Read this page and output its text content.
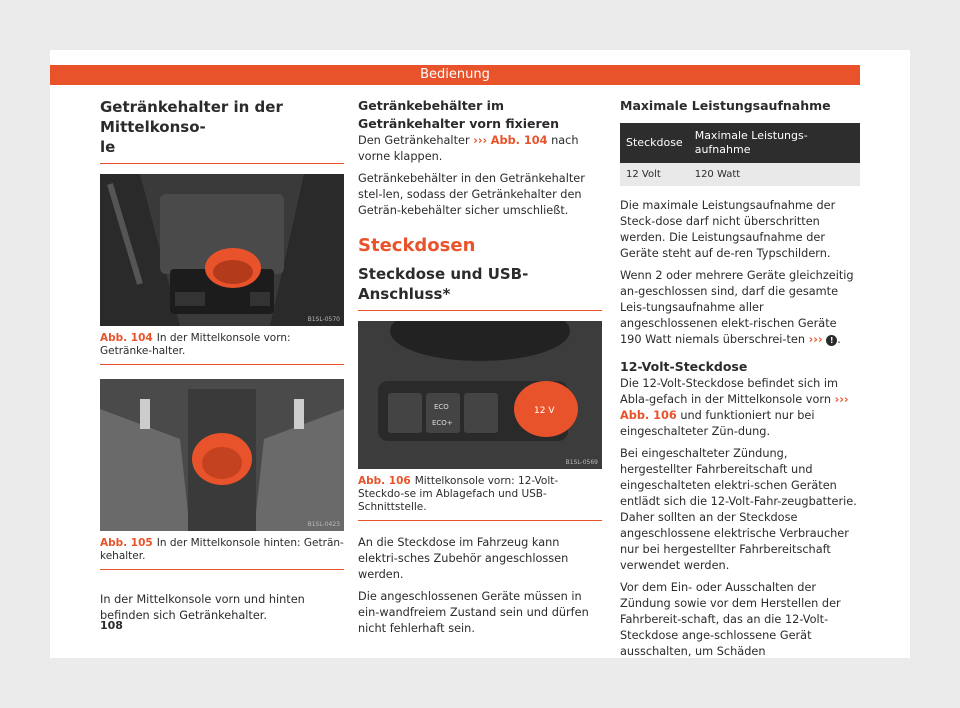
Bedienung
Getränkehalter in der Mittelkonso-
le
B1SL-0570
Abb. 104 In der Mittelkonsole vorn: Getränke-halter.
B1SL-0423
Abb. 105 In der Mittelkonsole hinten: Geträn-kehalter.

In der Mittelkonsole vorn und hinten befinden sich Getränkehalter.

Getränkebehälter im Getränkehalter vorn fixieren

Den Getränkehalter ››› Abb. 104 nach vorne klappen.

Getränkebehälter in den Getränkehalter stel-len, sodass der Getränkehalter den Geträn-kebehälter sicher umschließt.

Steckdosen
Steckdose und USB-Anschluss*
ECO
ECO+
12 V
B1SL-0569
Abb. 106 Mittelkonsole vorn: 12-Volt-Steckdo-se im Ablagefach und USB-Schnittstelle.

An die Steckdose im Fahrzeug kann elektri-sches Zubehör angeschlossen werden.

Die angeschlossenen Geräte müssen in ein-wandfreiem Zustand sein und dürfen nicht fehlerhaft sein.

Maximale Leistungsaufnahme
Steckdose	Maximale Leistungs-aufnahme
12 Volt	120 Watt

Die maximale Leistungsaufnahme der Steck-dose darf nicht überschritten werden. Die Leistungsaufnahme der Geräte steht auf de-ren Typschildern.

Wenn 2 oder mehrere Geräte gleichzeitig an-geschlossen sind, darf die gesamte Leis-tungsaufnahme aller angeschlossenen elekt-rischen Geräte 190 Watt niemals überschrei-ten ››› ! .

12-Volt-Steckdose

Die 12-Volt-Steckdose befindet sich im Abla-gefach in der Mittelkonsole vorn ››› Abb. 106 und funktioniert nur bei eingeschalteter Zün-dung.

Bei eingeschalteter Zündung, hergestellter Fahrbereitschaft und eingeschalteten elektri-schen Geräten entlädt sich die 12-Volt-Fahr-zeugbatterie. Daher sollten an der Steckdose angeschlossene elektrische Verbraucher nur bei hergestellter Fahrbereitschaft verwendet werden.

Vor dem Ein- oder Ausschalten der Zündung sowie vor dem Herstellen der Fahrbereit-schaft, das an die 12-Volt-Steckdose ange-schlossene Gerät ausschalten, um Schäden

108
